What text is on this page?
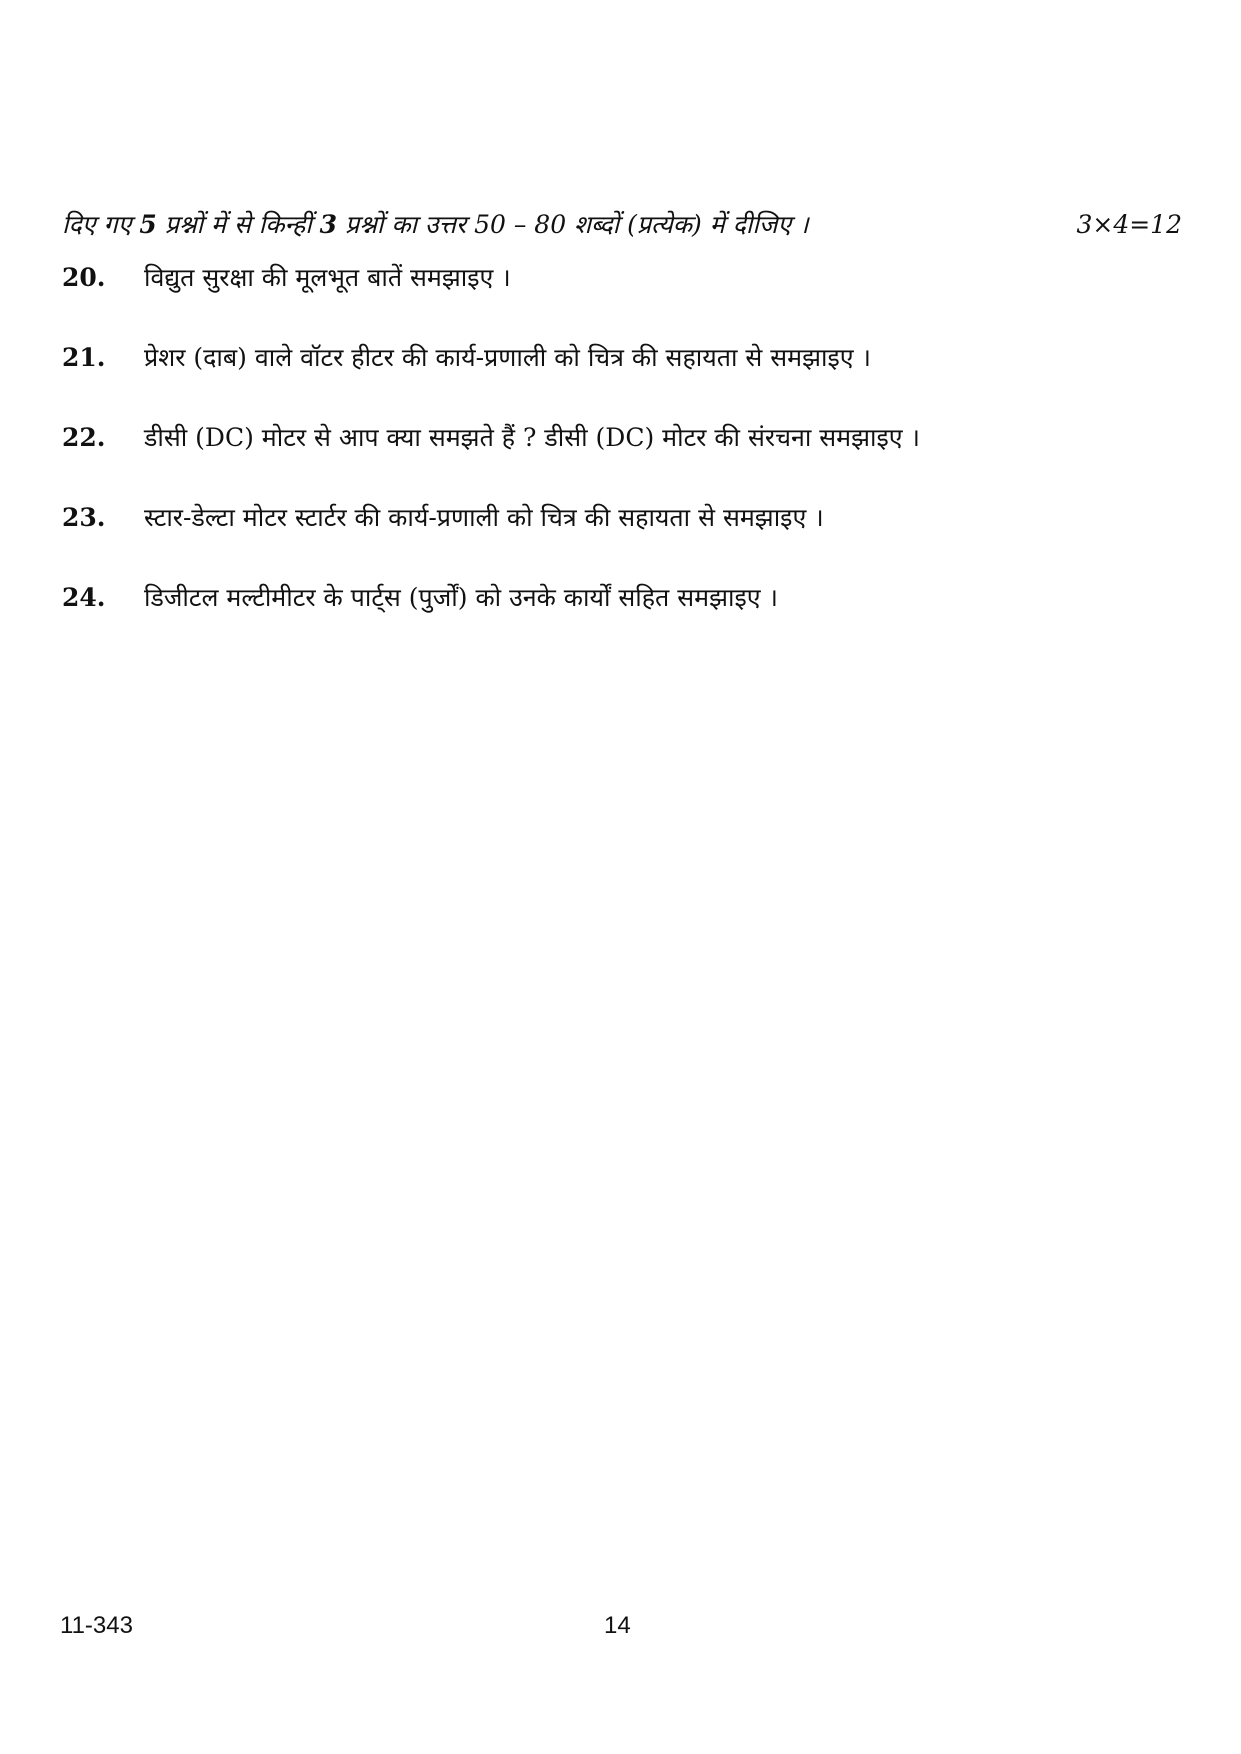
दिए गए 5 प्रश्नों में से किन्हीं 3 प्रश्नों का उत्तर 50 – 80 शब्दों (प्रत्येक) में दीजिए ।	3×4=12
20. विद्युत सुरक्षा की मूलभूत बातें समझाइए ।
21. प्रेशर (दाब) वाले वॉटर हीटर की कार्य-प्रणाली को चित्र की सहायता से समझाइए ।
22. डीसी (DC) मोटर से आप क्या समझते हैं ? डीसी (DC) मोटर की संरचना समझाइए ।
23. स्टार-डेल्टा मोटर स्टार्टर की कार्य-प्रणाली को चित्र की सहायता से समझाइए ।
24. डिजीटल मल्टीमीटर के पार्ट्स (पुर्जों) को उनके कार्यों सहित समझाइए ।
11-343	14
